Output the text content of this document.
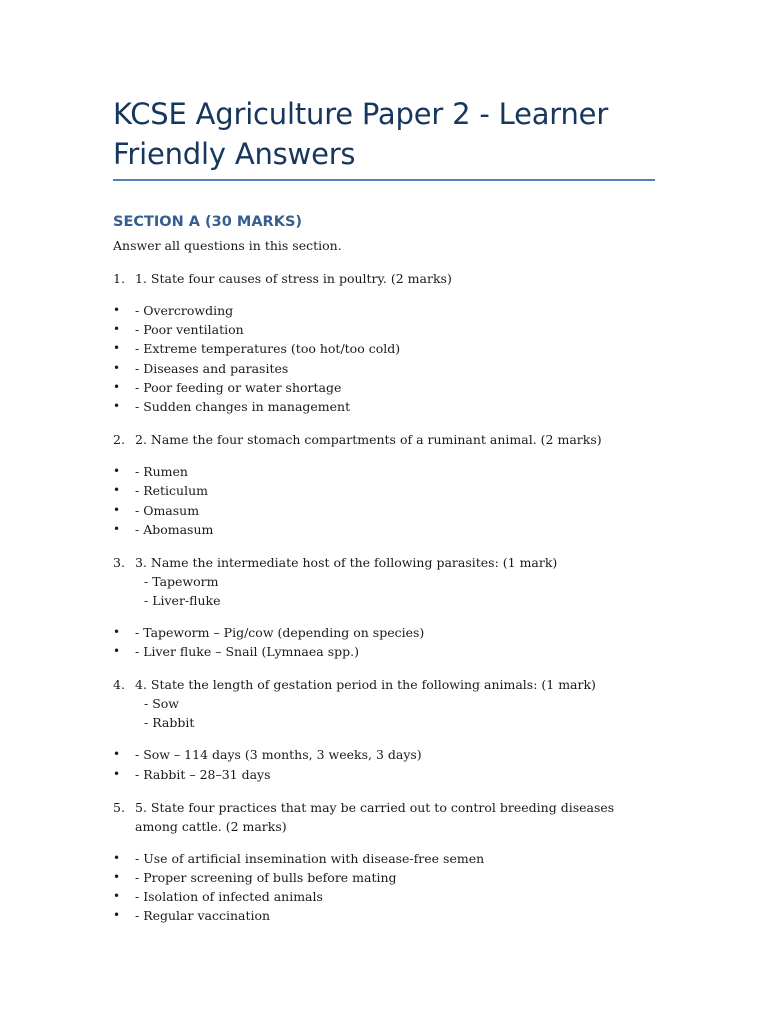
KCSE Agriculture Paper 2 - Learner Friendly Answers
SECTION A (30 MARKS)

Answer all questions in this section.

1. 1. State four causes of stress in poultry. (2 marks)
• - Overcrowding
• - Poor ventilation
• - Extreme temperatures (too hot/too cold)
• - Diseases and parasites
• - Poor feeding or water shortage
• - Sudden changes in management
2. 2. Name the four stomach compartments of a ruminant animal. (2 marks)
• - Rumen
• - Reticulum
• - Omasum
• - Abomasum
3. 3. Name the intermediate host of the following parasites: (1 mark)
- Tapeworm
- Liver-fluke
• - Tapeworm – Pig/cow (depending on species)
• - Liver fluke – Snail (Lymnaea spp.)
4. 4. State the length of gestation period in the following animals: (1 mark)
- Sow
- Rabbit
• - Sow – 114 days (3 months, 3 weeks, 3 days)
• - Rabbit – 28–31 days
5. 5. State four practices that may be carried out to control breeding diseases among cattle. (2 marks)
• - Use of artificial insemination with disease-free semen
• - Proper screening of bulls before mating
• - Isolation of infected animals
• - Regular vaccination
